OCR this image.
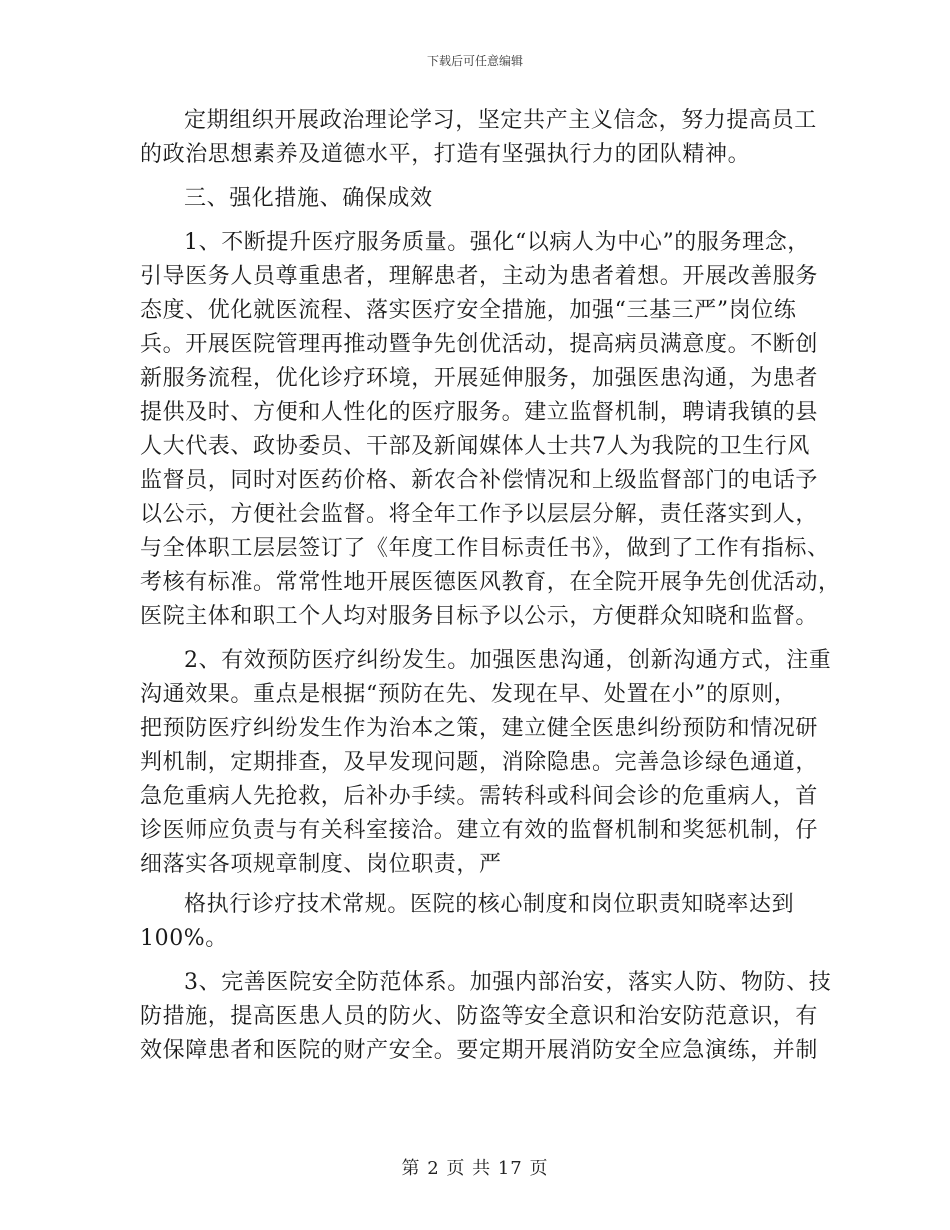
下载后可任意编辑

定期组织开展政治理论学习，坚定共产主义信念，努力提高员工

的政治思想素养及道德水平，打造有坚强执行力的团队精神。

三、强化措施、确保成效

1、不断提升医疗服务质量。强化“以病人为中心”的服务理念，

引导医务人员尊重患者，理解患者，主动为患者着想。开展改善服务

态度、优化就医流程、落实医疗安全措施，加强“三基三严”岗位练

兵。开展医院管理再推动暨争先创优活动，提高病员满意度。不断创

新服务流程，优化诊疗环境，开展延伸服务，加强医患沟通，为患者

提供及时、方便和人性化的医疗服务。建立监督机制，聘请我镇的县

人大代表、政协委员、干部及新闻媒体人士共7人为我院的卫生行风

监督员，同时对医药价格、新农合补偿情况和上级监督部门的电话予

以公示，方便社会监督。将全年工作予以层层分解，责任落实到人，

与全体职工层层签订了《年度工作目标责任书》，做到了工作有指标、

考核有标准。常常性地开展医德医风教育，在全院开展争先创优活动，

医院主体和职工个人均对服务目标予以公示，方便群众知晓和监督。

2、有效预防医疗纠纷发生。加强医患沟通，创新沟通方式，注重

沟通效果。重点是根据“预防在先、发现在早、处置在小”的原则，

把预防医疗纠纷发生作为治本之策，建立健全医患纠纷预防和情况研

判机制，定期排查，及早发现问题，消除隐患。完善急诊绿色通道，

急危重病人先抢救，后补办手续。需转科或科间会诊的危重病人，首

诊医师应负责与有关科室接洽。建立有效的监督机制和奖惩机制，仔

细落实各项规章制度、岗位职责，严

格执行诊疗技术常规。医院的核心制度和岗位职责知晓率达到

100%。

3、完善医院安全防范体系。加强内部治安，落实人防、物防、技

防措施，提高医患人员的防火、防盗等安全意识和治安防范意识，有

效保障患者和医院的财产安全。要定期开展消防安全应急演练，并制

第 2 页 共 17 页
